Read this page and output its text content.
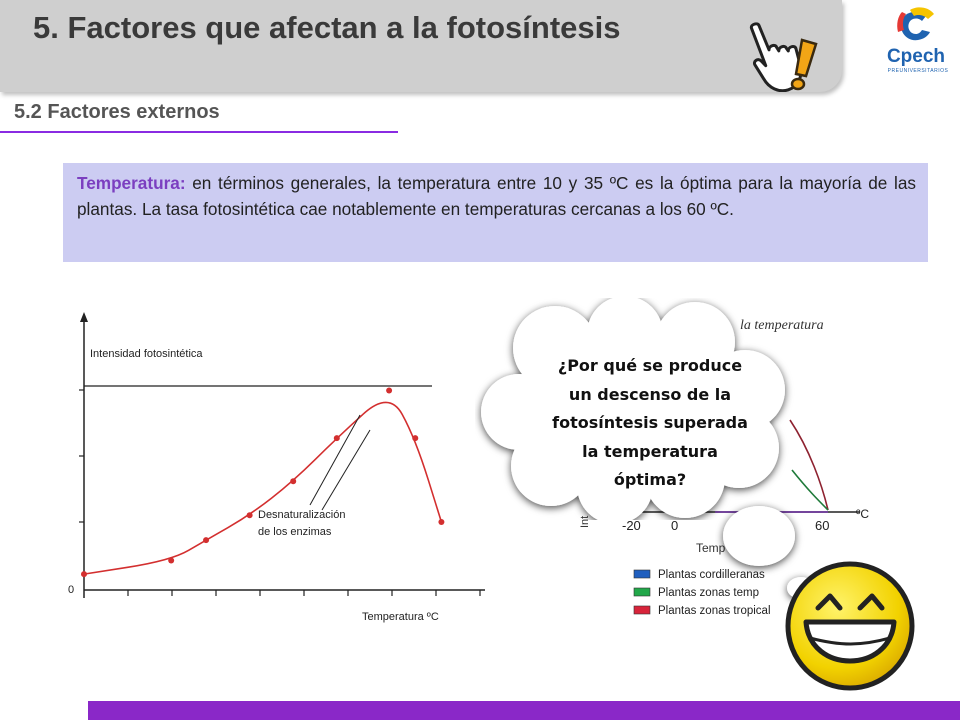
5. Factores que afectan a la fotosíntesis
Cpech
PREUNIVERSITARIOS
5.2 Factores externos
Temperatura: en términos generales, la temperatura entre 10 y 35 ºC es la óptima para la mayoría de las plantas. La tasa fotosintética cae notablemente en temperaturas cercanas a los 60 ºC.
Intensidad fotosintética
0
Desnaturalización
de los enzimas
Temperatura ºC
la temperatura
Int -20 0	60
ºC
Temp
Plantas cordilleranas
Plantas zonas temp
Plantas zonas tropical
¿Por qué se produce
un descenso de la
fotosíntesis superada
la temperatura
óptima?
